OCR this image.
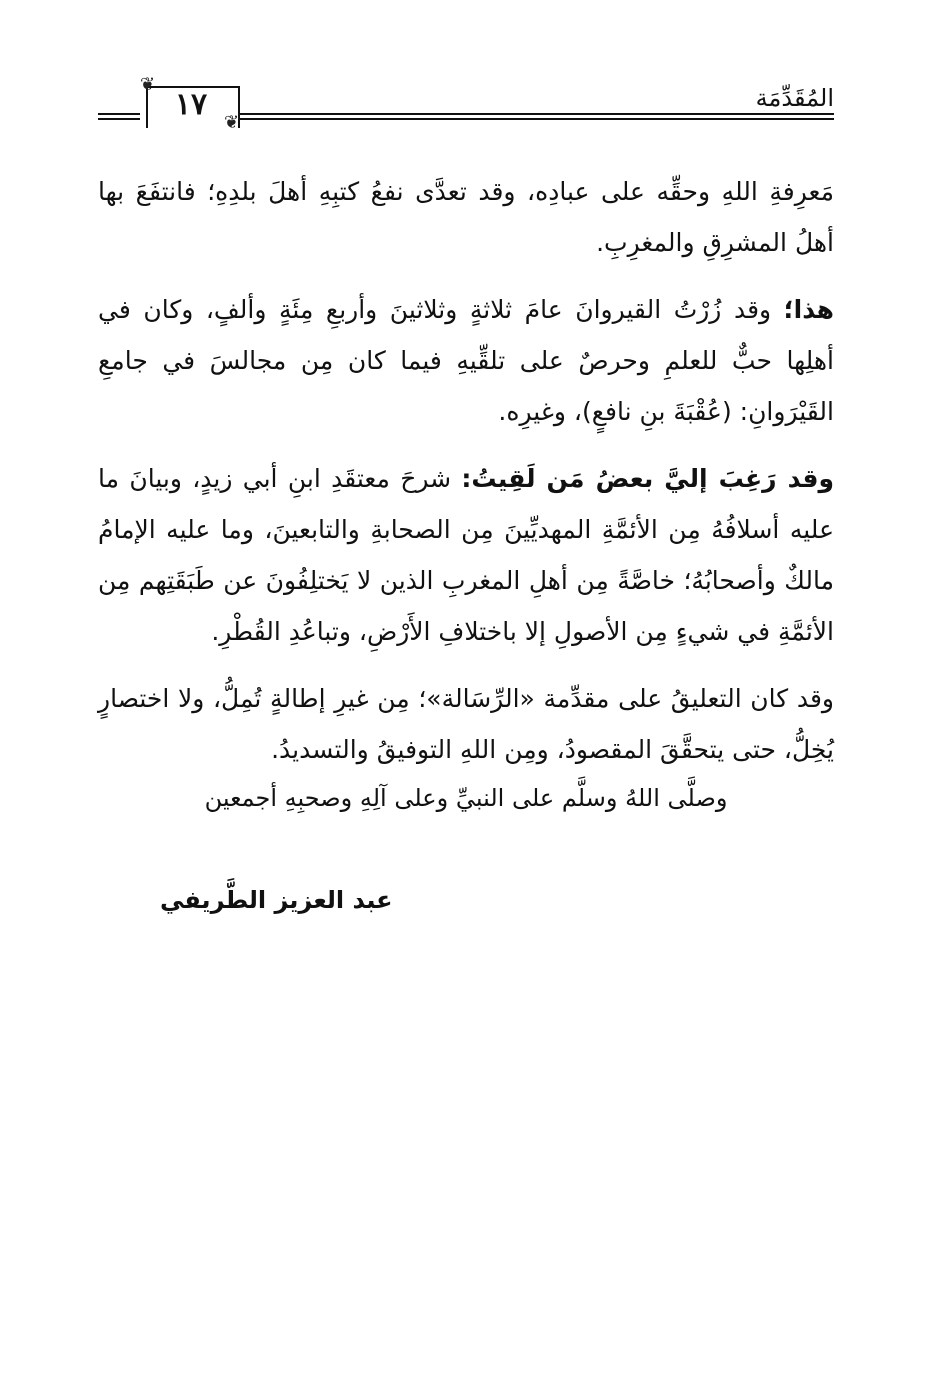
❦
❦
١٧	المُقَدِّمَة

مَعرِفةِ اللهِ وحقِّه على عبادِه، وقد تعدَّى نفعُ كتبِهِ أهلَ بلدِهِ؛ فانتفَعَ بها أهلُ المشرِقِ والمغرِبِ.

هذا؛ وقد زُرْتُ القيروانَ عامَ ثلاثةٍ وثلاثينَ وأربعِ مِئَةٍ وألفٍ، وكان في أهلِها حبٌّ للعلمِ وحرصٌ على تلقِّيهِ فيما كان مِن مجالسَ في جامعِ القَيْرَوانِ: (عُقْبَةَ بنِ نافعٍ)، وغيرِه.

وقد رَغِبَ إليَّ بعضُ مَن لَقِيتُ: شرحَ معتقَدِ ابنِ أبي زيدٍ، وبيانَ ما عليه أسلافُهُ مِن الأئمَّةِ المهديِّينَ مِن الصحابةِ والتابعينَ، وما عليه الإمامُ مالكٌ وأصحابُهُ؛ خاصَّةً مِن أهلِ المغربِ الذين لا يَختلِفُونَ عن طَبَقَتِهم مِن الأئمَّةِ في شيءٍ مِن الأصولِ إلا باختلافِ الأَرْضِ، وتباعُدِ القُطْرِ.

وقد كان التعليقُ على مقدِّمة «الرِّسَالة»؛ مِن غيرِ إطالةٍ تُمِلُّ، ولا اختصارٍ يُخِلُّ، حتى يتحقَّقَ المقصودُ، ومِن اللهِ التوفيقُ والتسديدُ.

وصلَّى اللهُ وسلَّم على النبيِّ وعلى آلِهِ وصحبِهِ أجمعين
عبد العزيز الطَّريفي
